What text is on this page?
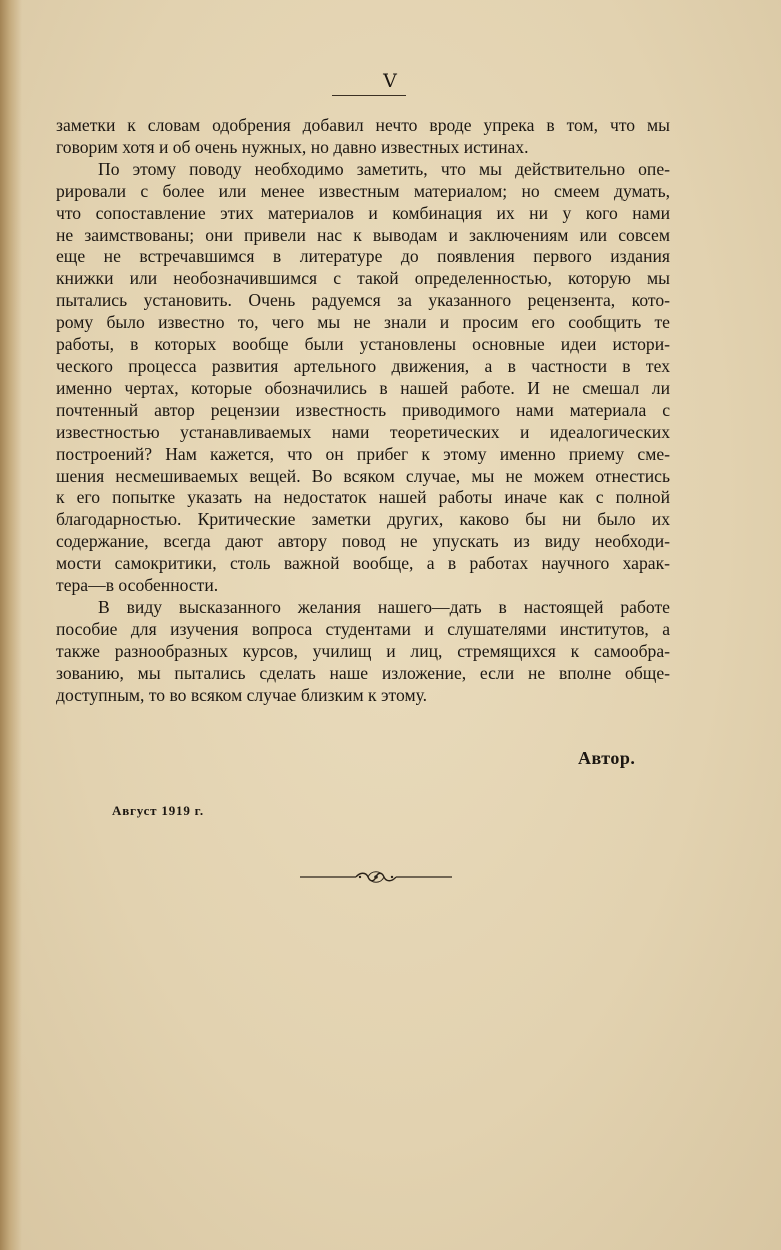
V

заметки к словам одобрения добавил нечто вроде упрека в том, что мы
говорим хотя и об очень нужных, но давно известных истинах.

По этому поводу необходимо заметить, что мы действительно опе-
рировали с более или менее известным материалом; но смеем думать,
что сопоставление этих материалов и комбинация их ни у кого нами
не заимствованы; они привели нас к выводам и заключениям или совсем
еще не встречавшимся в литературе до появления первого издания
книжки или необозначившимся с такой определенностью, которую мы
пытались установить. Очень радуемся за указанного рецензента, кото-
рому было известно то, чего мы не знали и просим его сообщить те
работы, в которых вообще были установлены основные идеи истори-
ческого процесса развития артельного движения, а в частности в тех
именно чертах, которые обозначились в нашей работе. И не смешал ли
почтенный автор рецензии известность приводимого нами материала с
известностью устанавливаемых нами теоретических и идеалогических
построений? Нам кажется, что он прибег к этому именно приему сме-
шения несмешиваемых вещей. Во всяком случае, мы не можем отнестись
к его попытке указать на недостаток нашей работы иначе как с полной
благодарностью. Критические заметки других, каково бы ни было их
содержание, всегда дают автору повод не упускать из виду необходи-
мости самокритики, столь важной вообще, а в работах научного харак-
тера—в особенности.

В виду высказанного желания нашего—дать в настоящей работе
пособие для изучения вопроса студентами и слушателями институтов, а
также разнообразных курсов, училищ и лиц, стремящихся к самообра-
зованию, мы пытались сделать наше изложение, если не вполне обще-
доступным, то во всяком случае близким к этому.

Автор.
Август 1919 г.
